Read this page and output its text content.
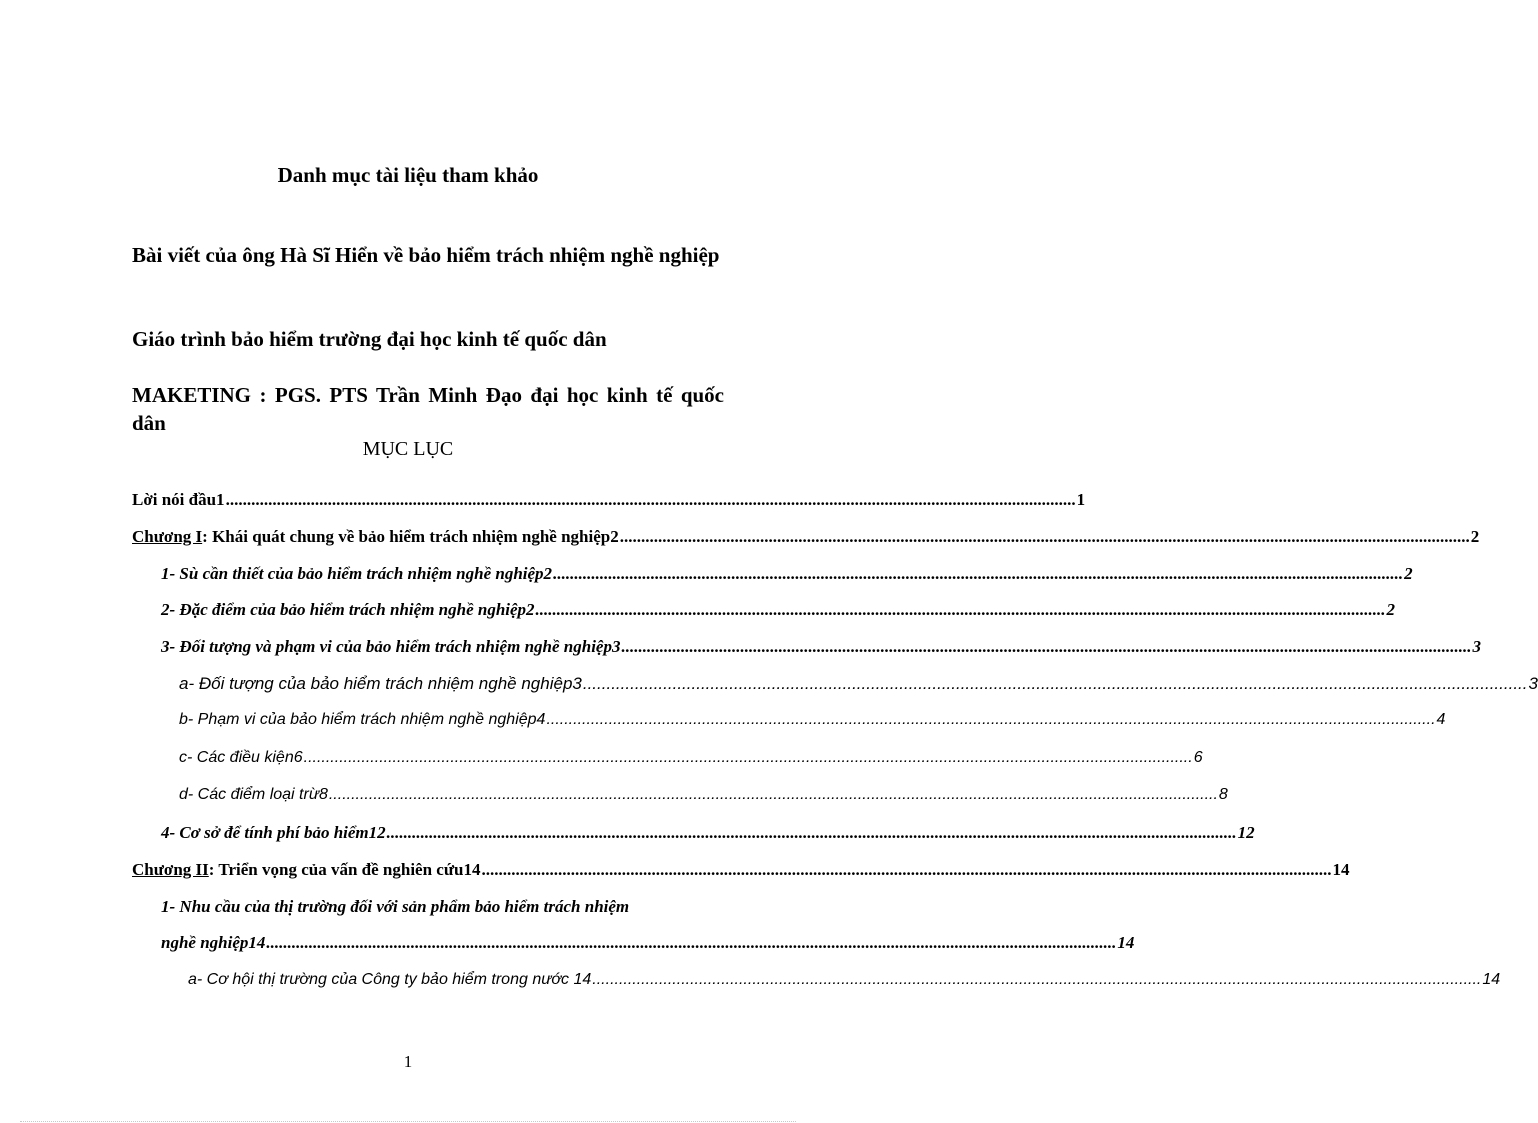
Danh mục tài liệu tham khảo
Bài viết của ông Hà Sĩ Hiển về bảo hiểm trách nhiệm nghề nghiệp
Giáo trình bảo hiểm trường đại học kinh tế quốc dân
MAKETING : PGS. PTS Trần Minh Đạo đại học kinh tế quốc dân
MỤC LỤC
Lời nói đầu1 ........................................................................................................................................................................................................ 1
Chương I: Khái quát chung về bảo hiểm trách nhiệm nghề nghiệp2 ........................................................................................................................................................................................................ 2
1- Sù cần thiết của bảo hiểm trách nhiệm nghề nghiệp2 ........................................................................................................................................................................................................ 2
2- Đặc điểm của bảo hiểm trách nhiệm nghề nghiệp2 ........................................................................................................................................................................................................ 2
3- Đối tượng và phạm vi của bảo hiểm trách nhiệm nghề nghiệp3 ........................................................................................................................................................................................................ 3
a- Đối tượng của bảo hiểm trách nhiệm nghề nghiệp3 ........................................................................................................................................................................................................ 3
b- Phạm vi của bảo hiểm trách nhiệm nghề nghiệp4 ........................................................................................................................................................................................................ 4
c- Các điều kiện6 ........................................................................................................................................................................................................ 6
d- Các điểm loại trừ8 ........................................................................................................................................................................................................ 8
4- Cơ sở để tính phí bảo hiểm12 ........................................................................................................................................................................................................ 12
Chương II: Triển vọng của vấn đề nghiên cứu14 ........................................................................................................................................................................................................ 14
1- Nhu cầu của thị trường đối với sản phẩm bảo hiểm trách nhiệm
nghề nghiệp14 ........................................................................................................................................................................................................ 14
a- Cơ hội thị trường của Công ty bảo hiểm trong nước 14 ........................................................................................................................................................................................................ 14
1
